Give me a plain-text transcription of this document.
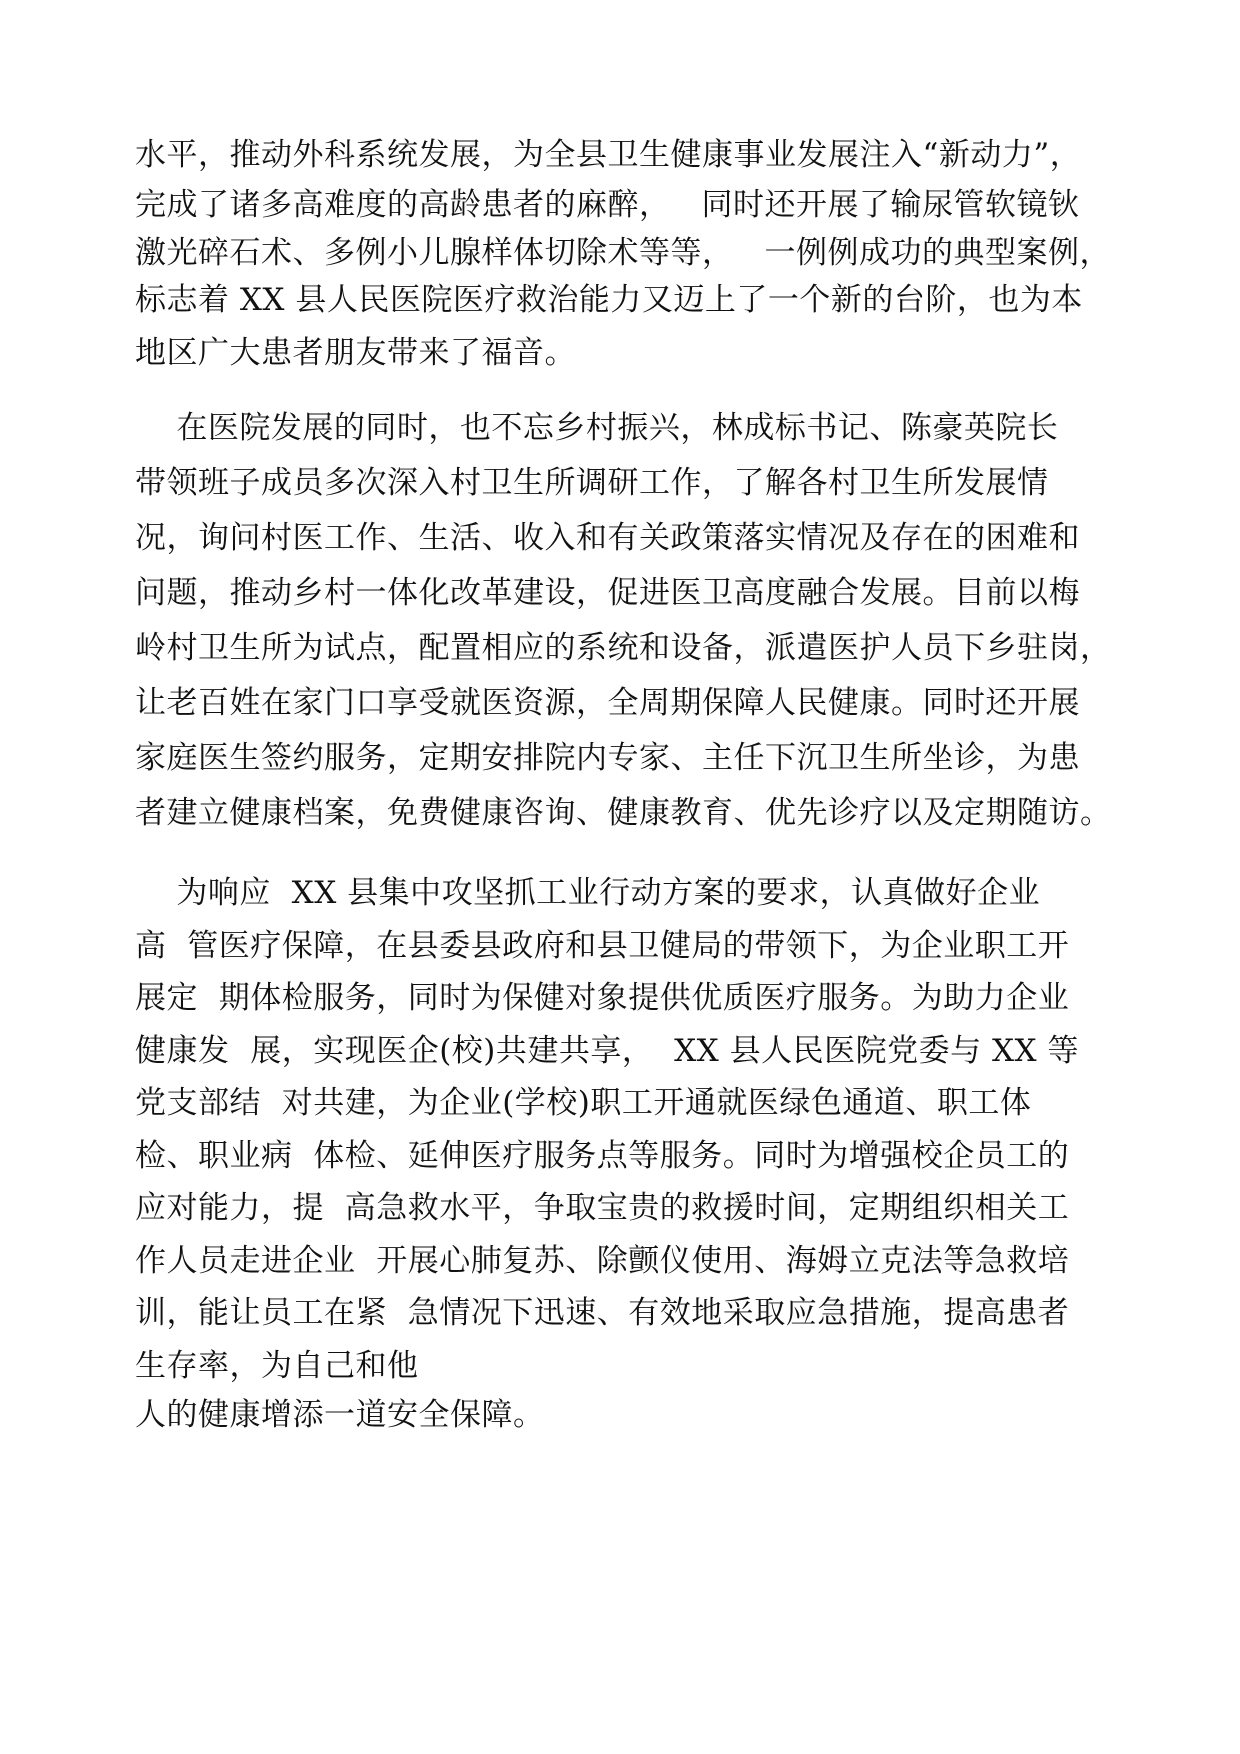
水平，推动外科系统发展，为全县卫生健康事业发展注入“新动力”，
完成了诸多高难度的高龄患者的麻醉，   同时还开展了输尿管软镜钬
激光碎石术、多例小儿腺样体切除术等等，   一例例成功的典型案例，
标志着 XX 县人民医院医疗救治能力又迈上了一个新的台阶，也为本
地区广大患者朋友带来了福音。
在医院发展的同时，也不忘乡村振兴，林成标书记、陈豪英院长
带领班子成员多次深入村卫生所调研工作，了解各村卫生所发展情
况，询问村医工作、生活、收入和有关政策落实情况及存在的困难和
问题，推动乡村一体化改革建设，促进医卫高度融合发展。目前以梅
岭村卫生所为试点，配置相应的系统和设备，派遣医护人员下乡驻岗，
让老百姓在家门口享受就医资源，全周期保障人民健康。同时还开展
家庭医生签约服务，定期安排院内专家、主任下沉卫生所坐诊，为患
者建立健康档案，免费健康咨询、健康教育、优先诊疗以及定期随访。
为响应  XX 县集中攻坚抓工业行动方案的要求，认真做好企业
高  管医疗保障，在县委县政府和县卫健局的带领下，为企业职工开
展定  期体检服务，同时为保健对象提供优质医疗服务。为助力企业
健康发  展，实现医企(校)共建共享，  XX 县人民医院党委与 XX 等
党支部结  对共建，为企业(学校)职工开通就医绿色通道、职工体
检、职业病  体检、延伸医疗服务点等服务。同时为增强校企员工的
应对能力，提  高急救水平，争取宝贵的救援时间，定期组织相关工
作人员走进企业  开展心肺复苏、除颤仪使用、海姆立克法等急救培
训，能让员工在紧  急情况下迅速、有效地采取应急措施，提高患者
生存率，为自己和他
人的健康增添一道安全保障。
